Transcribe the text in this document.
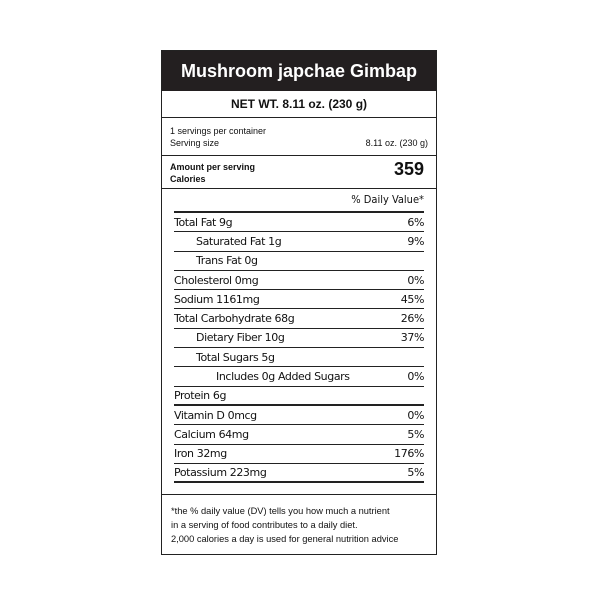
Mushroom japchae Gimbap
NET WT. 8.11 oz. (230 g)
1 servings per container
Serving size	8.11 oz. (230 g)
Amount per serving
Calories	359
% Daily Value*
Total Fat 9g	6%
Saturated Fat 1g	9%
Trans Fat 0g
Cholesterol 0mg	0%
Sodium 1161mg	45%
Total Carbohydrate 68g	26%
Dietary Fiber 10g	37%
Total Sugars 5g
Includes 0g Added Sugars	0%
Protein 6g
Vitamin D 0mcg	0%
Calcium 64mg	5%
Iron 32mg	176%
Potassium 223mg	5%
*the % daily value (DV) tells you how much a nutrient
in a serving of food contributes to a daily diet.
2,000 calories a day is used for general nutrition advice
